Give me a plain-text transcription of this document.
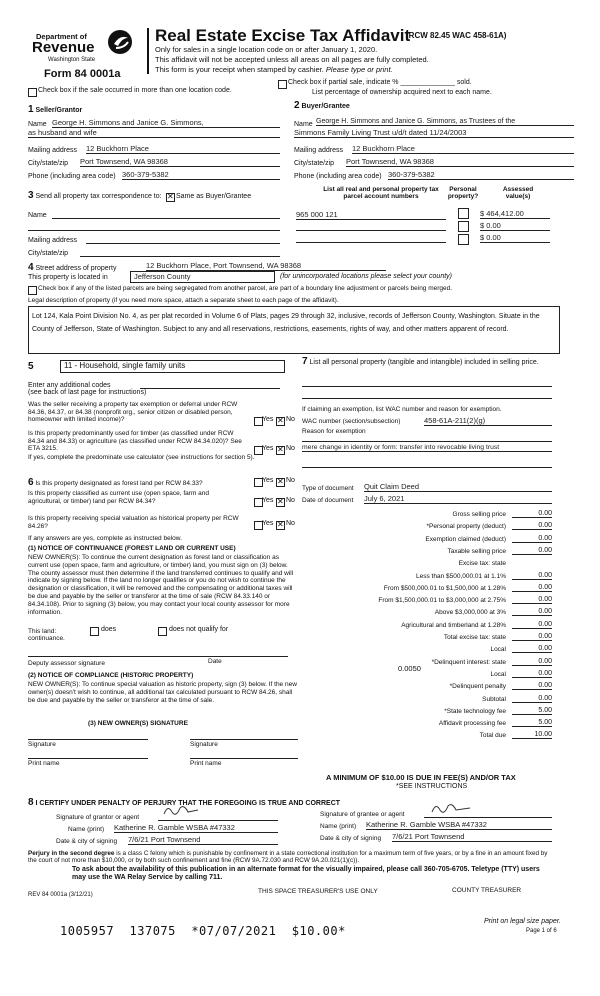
Department of
Revenue
Washington State
Form 84 0001a
Real Estate Excise Tax Affidavit
(RCW 82.45 WAC 458-61A)
Only for sales in a single location code on or after January 1, 2020.
This affidavit will not be accepted unless all areas on all pages are fully completed.
This form is your receipt when stamped by cashier. Please type or print.
Check box if the sale occurred in more than one location code.
Check box if partial sale, indicate % ______________ sold.
List percentage of ownership acquired next to each name.
1 Seller/Grantor
Name George H. Simmons and Janice G. Simmons,
as husband and wife
Mailing address 12 Buckhorn Place
City/state/zip Port Townsend, WA 98368
Phone (including area code) 360-379-5382
2 Buyer/Grantee
Name George H. Simmons and Janice G. Simmons, as Trustees of the
Simmons Family Living Trust u/d/t dated 11/24/2003
Mailing address 12 Buckhorn Place
City/state/zip Port Townsend, WA 98368
Phone (including area code) 360-379-5382
3 Send all property tax correspondence to: ✕ Same as Buyer/Grantee
Name
Mailing address
City/state/zip
List all real and personal property tax
parcel account numbers
Personal
property?
Assessed
value(s)
965 000 121	$ 464,412.00
$ 0.00
$ 0.00
4 Street address of property	12 Buckhorn Place, Port Townsend, WA 98368
This property is located in	Jefferson County	(for unincorporated locations please select your county)
Check box if any of the listed parcels are being segregated from another parcel, are part of a boundary line adjustment or parcels being merged.
Legal description of property (if you need more space, attach a separate sheet to each page of the affidavit).
Lot 124, Kala Point Division No. 4, as per plat recorded in Volume 6 of Plats, pages 29 through 32, inclusive, records of Jefferson County, Washington. Situate in the County of Jefferson, State of Washington. Subject to any and all reservations, restrictions, easements, rights of way, and other matters apparent of record.
5	11 - Household, single family units
Enter any additional codes
(see back of last page for instructions)
Was the seller receiving a property tax exemption or deferral under RCW 84.36, 84.37, or 84.38 (nonprofit org., senior citizen or disabled person, homeowner with limited income)?	Yes ✕ No
Is this property predominantly used for timber (as classified under RCW 84.34 and 84.33) or agriculture (as classified under RCW 84.34.020)? See ETA 3215.	Yes ✕ No
If yes, complete the predominate use calculator (see instructions for section 5).
6 Is this property designated as forest land per RCW 84.33?	Yes ✕ No
Is this property classified as current use (open space, farm and agricultural, or timber) land per RCW 84.34?	Yes ✕ No
Is this property receiving special valuation as historical property per RCW 84.26?	Yes ✕ No
If any answers are yes, complete as instructed below.
(1) NOTICE OF CONTINUANCE (FOREST LAND OR CURRENT USE)
NEW OWNER(S): To continue the current designation as forest land or classification as current use (open space, farm and agriculture, or timber) land, you must sign on (3) below. The county assessor must then determine if the land transferred continues to qualify and will indicate by signing below. If the land no longer qualifies or you do not wish to continue the designation or classification, it will be removed and the compensating or additional taxes will be due and payable by the seller or transferor at the time of sale (RCW 84.33.140 or 84.34.108). Prior to signing (3) below, you may contact your local county assessor for more information.
This land:
continuance.
does	does not qualify for
Deputy assessor signature	Date
(2) NOTICE OF COMPLIANCE (HISTORIC PROPERTY)
NEW OWNER(S): To continue special valuation as historic property, sign (3) below. If the new owner(s) doesn't wish to continue, all additional tax calculated pursuant to RCW 84.26, shall be due and payable by the seller or transferor at the time of sale.
(3) NEW OWNER(S) SIGNATURE
Signature	Signature
Print name	Print name
7 List all personal property (tangible and intangible) included in selling price.
If claiming an exemption, list WAC number and reason for exemption.
WAC number (section/subsection)	458-61A-211(2)(g)
Reason for exemption
mere change in identity or form: transfer into revocable living trust
Type of document Quit Claim Deed
Date of document July 6, 2021
Gross selling price	0.00
*Personal property (deduct)	0.00
Exemption claimed (deduct)	0.00
Taxable selling price	0.00
Excise tax: state
Less than $500,000.01 at 1.1%	0.00
From $500,000.01 to $1,500,000 at 1.28%	0.00
From $1,500,000.01 to $3,000,000 at 2.75%	0.00
Above $3,000,000 at 3%	0.00
Agricultural and timberland at 1.28%	0.00
Total excise tax: state	0.00
Local	0.00
*Delinquent interest: state	0.00
Local	0.00
*Delinquent penalty	0.00
Subtotal	0.00
*State technology fee	5.00
Affidavit processing fee	5.00
Total due	10.00
0.0050
A MINIMUM OF $10.00 IS DUE IN FEE(S) AND/OR TAX
*SEE INSTRUCTIONS
8 I CERTIFY UNDER PENALTY OF PERJURY THAT THE FOREGOING IS TRUE AND CORRECT
Signature of grantor or agent
Name (print) Katherine R. Gamble WSBA #47332
Date & city of signing 7/6/21 Port Townsend
Signature of grantee or agent
Name (print) Katherine R. Gamble WSBA #47332
Date & city of signing 7/6/21 Port Townsend
Perjury in the second degree is a class C felony which is punishable by confinement in a state correctional institution for a maximum term of five years, or by a fine in an amount fixed by the court of not more than $10,000, or by both such confinement and fine (RCW 9A.72.030 and RCW 9A.20.021(1)(c)).
To ask about the availability of this publication in an alternate format for the visually impaired, please call 360-705-6705. Teletype (TTY) users may use the WA Relay Service by calling 711.
REV 84 0001a (3/12/21)	THIS SPACE TREASURER'S USE ONLY	COUNTY TREASURER
1005957  137075  *07/07/2021  $10.00*
Print on legal size paper.
Page 1 of 6
